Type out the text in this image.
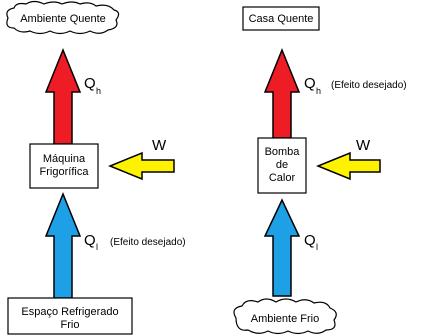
Ambiente Quente
Q h
Máquina
Frigorífica
W
Q l (Efeito desejado)
Espaço Refrigerado
Frio
Casa Quente
Q h (Efeito desejado)
Bomba
de
Calor
W
Q l
Ambiente Frio
